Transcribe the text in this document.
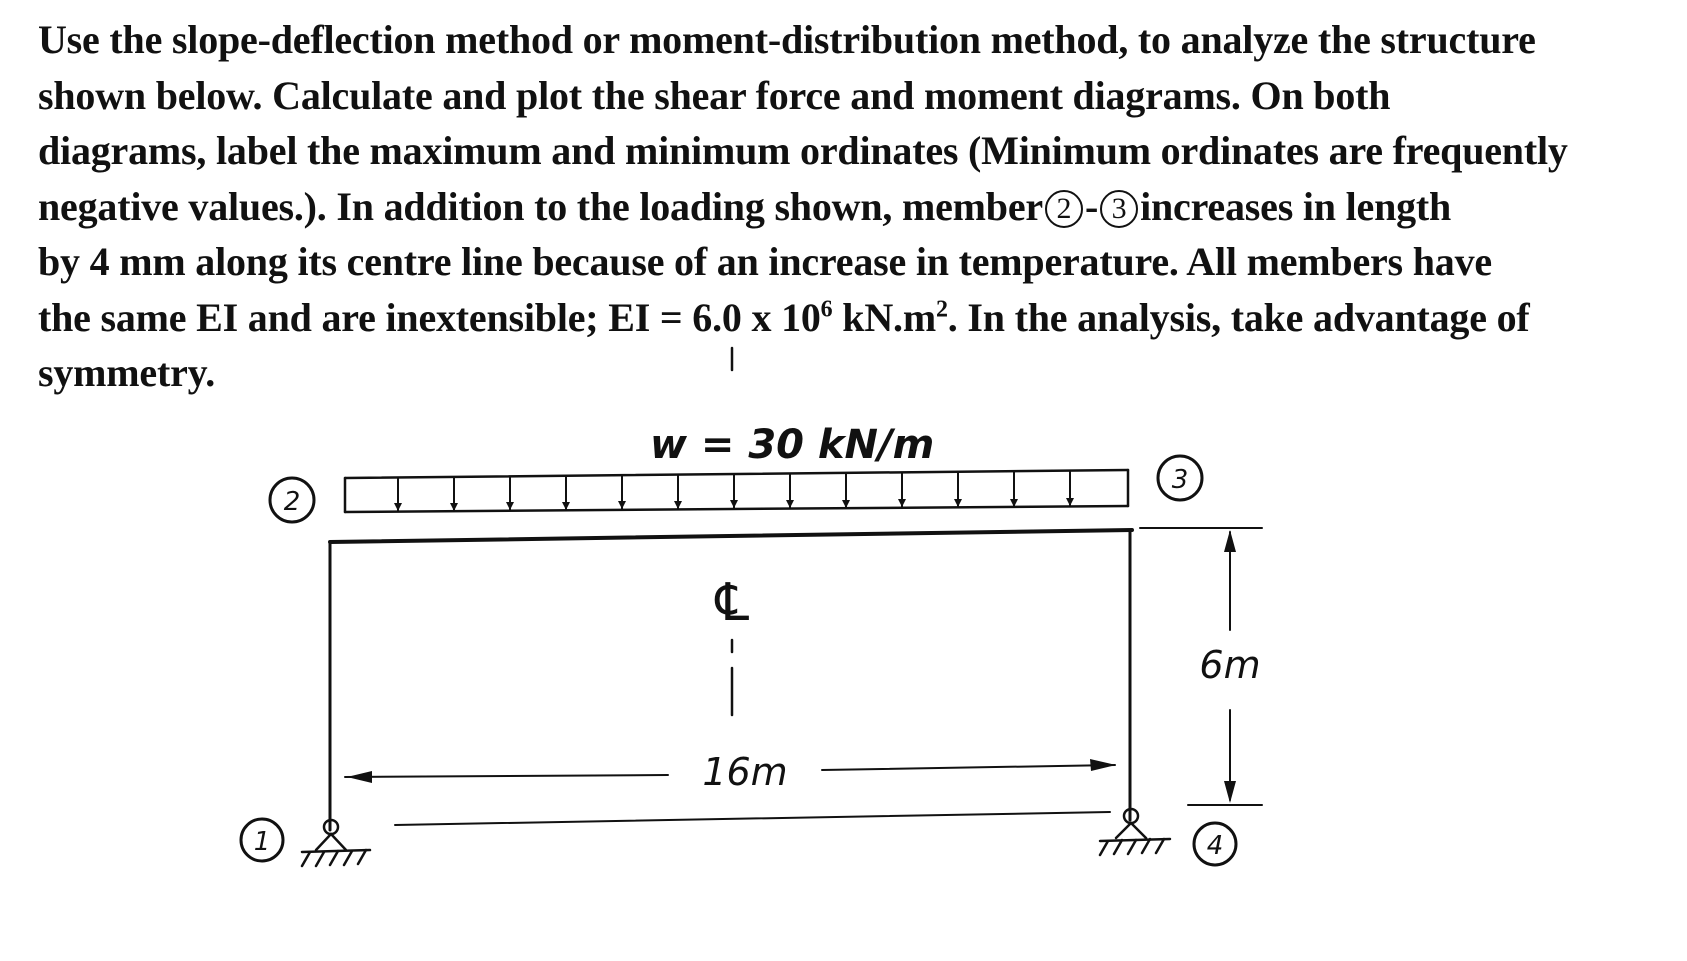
Use the slope-deflection method or moment-distribution method, to analyze the structure
shown below. Calculate and plot the shear force and moment diagrams. On both
diagrams, label the maximum and minimum ordinates (Minimum ordinates are frequently
negative values.). In addition to the loading shown, member 2 - 3 increases in length
by 4 mm along its centre line because of an increase in temperature. All members have
the same EI and are inextensible; EI = 6.0 x $10^6$ $kN.m^2$. In the analysis, take advantage of
symmetry.
2
3
1	4
w = 30 kN/m
℄
16m
6m
